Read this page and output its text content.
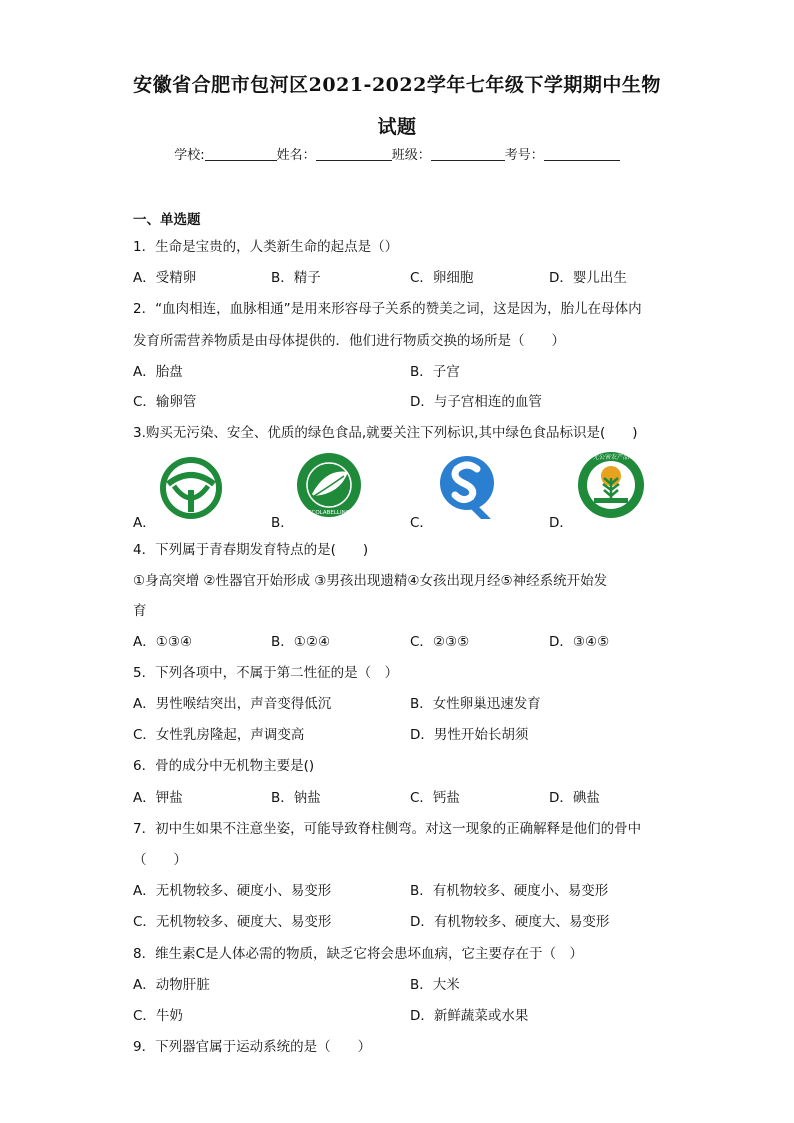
安徽省合肥市包河区2021-2022学年七年级下学期期中生物
试题
学校:	姓名：	班级：	考号：
一、单选题
1．生命是宝贵的，人类新生命的起点是（）
A．受精卵	B．精子	C．卵细胞	D．婴儿出生
2．“血肉相连，血脉相通”是用来形容母子关系的赞美之词，这是因为，胎儿在母体内
发育所需营养物质是由母体提供的．他们进行物质交换的场所是（　　）
A．胎盘	B．子宫
C．输卵管	D．与子宫相连的血管
3.购买无污染、安全、优质的绿色食品,就要关注下列标识,其中绿色食品标识是(　　)
A．
ECOLABELLING
B．	C．
无公害农产品
D．
4．下列属于青春期发育特点的是(　　)
①身高突增 ②性器官开始形成 ③男孩出现遗精④女孩出现月经⑤神经系统开始发
育
A．①③④	B．①②④	C．②③⑤	D．③④⑤
5．下列各项中，不属于第二性征的是（　）
A．男性喉结突出，声音变得低沉	B．女性卵巢迅速发育
C．女性乳房隆起，声调变高	D．男性开始长胡须
6．骨的成分中无机物主要是()
A．钾盐	B．钠盐	C．钙盐	D．碘盐
7．初中生如果不注意坐姿，可能导致脊柱侧弯。对这一现象的正确解释是他们的骨中
（　　）
A．无机物较多、硬度小、易变形	B．有机物较多、硬度小、易变形
C．无机物较多、硬度大、易变形	D．有机物较多、硬度大、易变形
8．维生素C是人体必需的物质，缺乏它将会患坏血病，它主要存在于（　）
A．动物肝脏	B．大米
C．牛奶	D．新鲜蔬菜或水果
9．下列器官属于运动系统的是（　　）
